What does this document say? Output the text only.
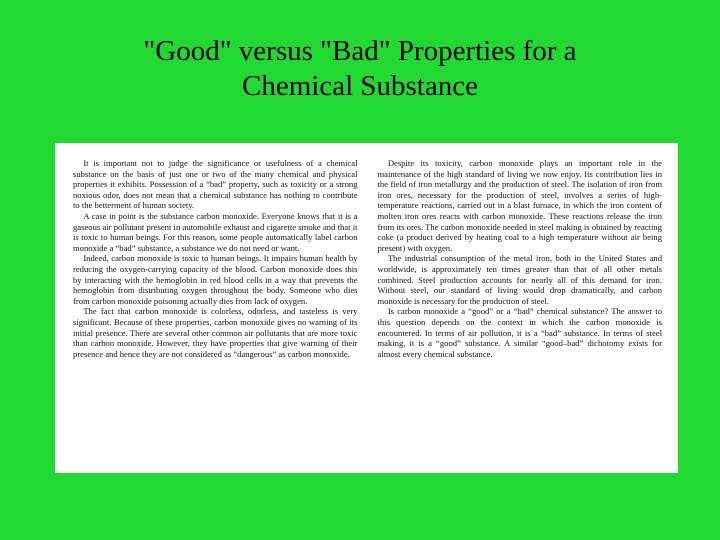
"Good" versus "Bad" Properties for a
Chemical Substance

It is important not to judge the significance or usefulness of a chemical substance on the basis of just one or two of the many chemical and physical properties it exhibits. Possession of a “bad” property, such as toxicity or a strong noxious odor, does not mean that a chemical substance has nothing to contribute to the betterment of human society.

A case in point is the substance carbon monoxide. Everyone knows that it is a gaseous air pollutant present in automobile exhaust and cigarette smoke and that it is toxic to human beings. For this reason, some people automatically label carbon monoxide a “bad” substance, a substance we do not need or want.

Indeed, carbon monoxide is toxic to human beings. It impairs human health by reducing the oxygen-carrying capacity of the blood. Carbon monoxide does this by interacting with the hemoglobin in red blood cells in a way that prevents the hemoglobin from distributing oxygen throughout the body. Someone who dies from carbon monoxide poisoning actually dies from lack of oxygen.

The fact that carbon monoxide is colorless, odorless, and tasteless is very significant. Because of these properties, carbon monoxide gives no warning of its initial presence. There are several other common air pollutants that are more toxic than carbon monoxide. However, they have properties that give warning of their presence and hence they are not considered as “dangerous” as carbon monoxide.

Despite its toxicity, carbon monoxide plays an important role in the maintenance of the high standard of living we now enjoy. Its contribution lies in the field of iron metallurgy and the production of steel. The isolation of iron from iron ores, necessary for the production of steel, involves a series of high-temperature reactions, carried out in a blast furnace, in which the iron content of molten iron ores reacts with carbon monoxide. These reactions release the iron from its ores. The carbon monoxide needed in steel making is obtained by reacting coke (a product derived by heating coal to a high temperature without air being present) with oxygen.

The industrial consumption of the metal iron, both in the United States and worldwide, is approximately ten times greater than that of all other metals combined. Steel production accounts for nearly all of this demand for iron. Without steel, our standard of living would drop dramatically, and carbon monoxide is necessary for the production of steel.

Is carbon monoxide a “good” or a “bad” chemical substance? The answer to this question depends on the context in which the carbon monoxide is encountered. In terms of air pollution, it is a “bad” substance. In terms of steel making, it is a “good” substance. A similar “good–bad” dichotomy exists for almost every chemical substance.
